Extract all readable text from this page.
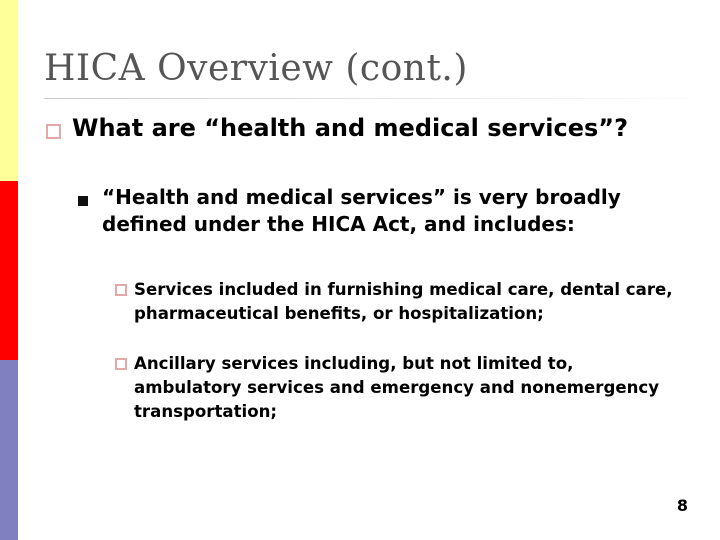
HICA Overview (cont.)
What are “health and medical services”?
“Health and medical services” is very broadly defined under the HICA Act, and includes:
Services included in furnishing medical care, dental care, pharmaceutical benefits, or hospitalization;
Ancillary services including, but not limited to, ambulatory services and emergency and nonemergency transportation;
8
